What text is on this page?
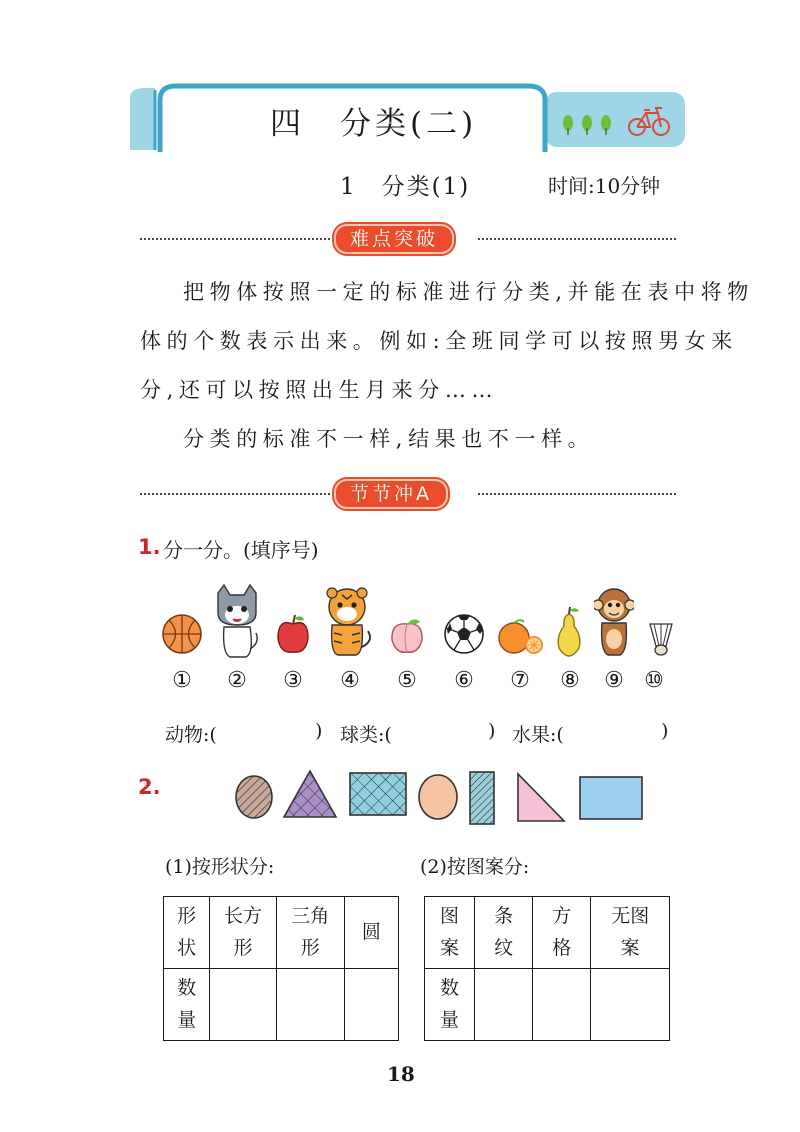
四　分类(二)
1　分类(1)	时间:10分钟
难点突破
把物体按照一定的标准进行分类,并能在表中将物
体的个数表示出来。例如:全班同学可以按照男女来
分,还可以按照出生月来分……
分类的标准不一样,结果也不一样。
节节冲A
1. 分一分。(填序号)
①	②	③	④	⑤	⑥	⑦	⑧	⑨ ⑩
动物:(	) 球类:(	) 水果:(	)
2.
(1)按形状分:	(2)按图案分:
形状	长方形	三角形	圆

数量			

图案	条纹	方格	无图案

数量			

18
